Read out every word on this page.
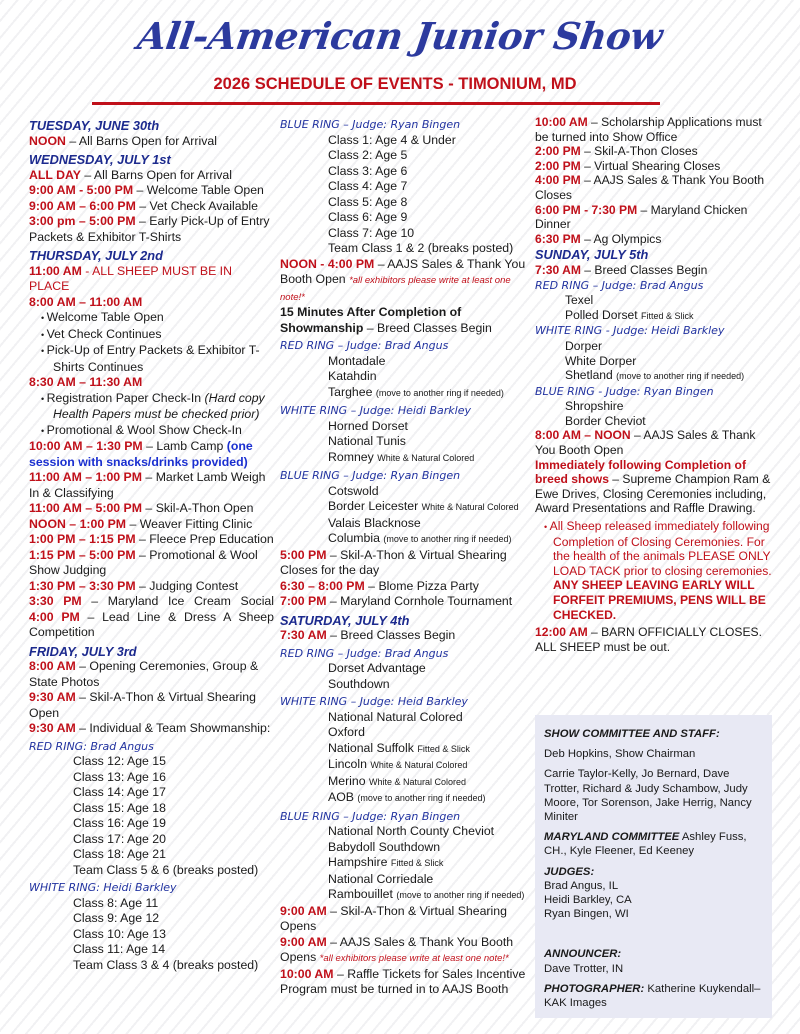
All-American Junior Show
2026 SCHEDULE OF EVENTS - TIMONIUM, MD
TUESDAY, JUNE 30th
NOON – All Barns Open for Arrival
WEDNESDAY, JULY 1st
ALL DAY – All Barns Open for Arrival
9:00 AM - 5:00 PM – Welcome Table Open
9:00 AM – 6:00 PM – Vet Check Available
3:00 pm – 5:00 PM – Early Pick-Up of Entry Packets & Exhibitor T-Shirts
THURSDAY, JULY 2nd
11:00 AM - ALL SHEEP MUST BE IN PLACE
8:00 AM – 11:00 AM
• Welcome Table Open
• Vet Check Continues
• Pick-Up of Entry Packets & Exhibitor T-Shirts Continues
8:30 AM – 11:30 AM
• Registration Paper Check-In (Hard copy Health Papers must be checked prior)
• Promotional & Wool Show Check-In
10:00 AM – 1:30 PM – Lamb Camp (one session with snacks/drinks provided)
11:00 AM – 1:00 PM – Market Lamb Weigh In & Classifying
11:00 AM – 5:00 PM – Skil-A-Thon Open
NOON – 1:00 PM – Weaver Fitting Clinic
1:00 PM – 1:15 PM – Fleece Prep Education
1:15 PM – 5:00 PM – Promotional & Wool Show Judging
1:30 PM – 3:30 PM – Judging Contest
3:30 PM – Maryland Ice Cream Social
4:00 PM – Lead Line & Dress A Sheep Competition
FRIDAY, JULY 3rd
8:00 AM – Opening Ceremonies, Group & State Photos
9:30 AM – Skil-A-Thon & Virtual Shearing Open
9:30 AM – Individual & Team Showmanship:
RED RING: Brad Angus
Class 12: Age 15
Class 13: Age 16
Class 14: Age 17
Class 15: Age 18
Class 16: Age 19
Class 17: Age 20
Class 18: Age 21
Team Class 5 & 6 (breaks posted)
WHITE RING: Heidi Barkley
Class 8: Age 11
Class 9: Age 12
Class 10: Age 13
Class 11: Age 14
Team Class 3 & 4 (breaks posted)
BLUE RING – Judge: Ryan Bingen
Class 1: Age 4 & Under
Class 2: Age 5
Class 3: Age 6
Class 4: Age 7
Class 5: Age 8
Class 6: Age 9
Class 7: Age 10
Team Class 1 & 2 (breaks posted)
NOON - 4:00 PM – AAJS Sales & Thank You Booth Open *all exhibitors please write at least one note!*
15 Minutes After Completion of Showmanship – Breed Classes Begin
RED RING – Judge: Brad Angus
Montadale
Katahdin
Targhee (move to another ring if needed)
WHITE RING – Judge: Heidi Barkley
Horned Dorset
National Tunis
Romney White & Natural Colored
BLUE RING – Judge: Ryan Bingen
Cotswold
Border Leicester White & Natural Colored
Valais Blacknose
Columbia (move to another ring if needed)
5:00 PM – Skil-A-Thon & Virtual Shearing Closes for the day
6:30 – 8:00 PM – Blome Pizza Party
7:00 PM – Maryland Cornhole Tournament
SATURDAY, JULY 4th
7:30 AM – Breed Classes Begin
RED RING – Judge: Brad Angus
Dorset Advantage
Southdown
WHITE RING – Judge: Heid Barkley
National Natural Colored
Oxford
National Suffolk Fitted & Slick
Lincoln White & Natural Colored
Merino White & Natural Colored
AOB (move to another ring if needed)
BLUE RING – Judge: Ryan Bingen
National North County Cheviot
Babydoll Southdown
Hampshire Fitted & Slick
National Corriedale
Rambouillet (move to another ring if needed)
9:00 AM – Skil-A-Thon & Virtual Shearing Opens
9:00 AM – AAJS Sales & Thank You Booth Opens *all exhibitors please write at least one note!*
10:00 AM – Raffle Tickets for Sales Incentive Program must be turned in to AAJS Booth
10:00 AM – Scholarship Applications must be turned into Show Office
2:00 PM – Skil-A-Thon Closes
2:00 PM – Virtual Shearing Closes
4:00 PM – AAJS Sales & Thank You Booth Closes
6:00 PM - 7:30 PM – Maryland Chicken Dinner
6:30 PM – Ag Olympics
SUNDAY, JULY 5th
7:30 AM – Breed Classes Begin
RED RING – Judge: Brad Angus
Texel
Polled Dorset Fitted & Slick
WHITE RING - Judge: Heidi Barkley
Dorper
White Dorper
Shetland (move to another ring if needed)
BLUE RING - Judge: Ryan Bingen
Shropshire
Border Cheviot
8:00 AM – NOON – AAJS Sales & Thank You Booth Open
Immediately following Completion of breed shows – Supreme Champion Ram & Ewe Drives, Closing Ceremonies including, Award Presentations and Raffle Drawing.
• All Sheep released immediately following Completion of Closing Ceremonies. For the health of the animals PLEASE ONLY LOAD TACK prior to closing ceremonies. ANY SHEEP LEAVING EARLY WILL FORFEIT PREMIUMS, PENS WILL BE CHECKED.
12:00 AM – BARN OFFICIALLY CLOSES. ALL SHEEP must be out.
SHOW COMMITTEE AND STAFF:
Deb Hopkins, Show Chairman
Carrie Taylor-Kelly, Jo Bernard, Dave Trotter, Richard & Judy Schambow, Judy Moore, Tor Sorenson, Jake Herrig, Nancy Miniter
MARYLAND COMMITTEE Ashley Fuss, CH., Kyle Fleener, Ed Keeney
JUDGES:
Brad Angus, IL
Heidi Barkley, CA
Ryan Bingen, WI
ANNOUNCER:
Dave Trotter, IN
PHOTOGRAPHER: Katherine Kuykendall– KAK Images
